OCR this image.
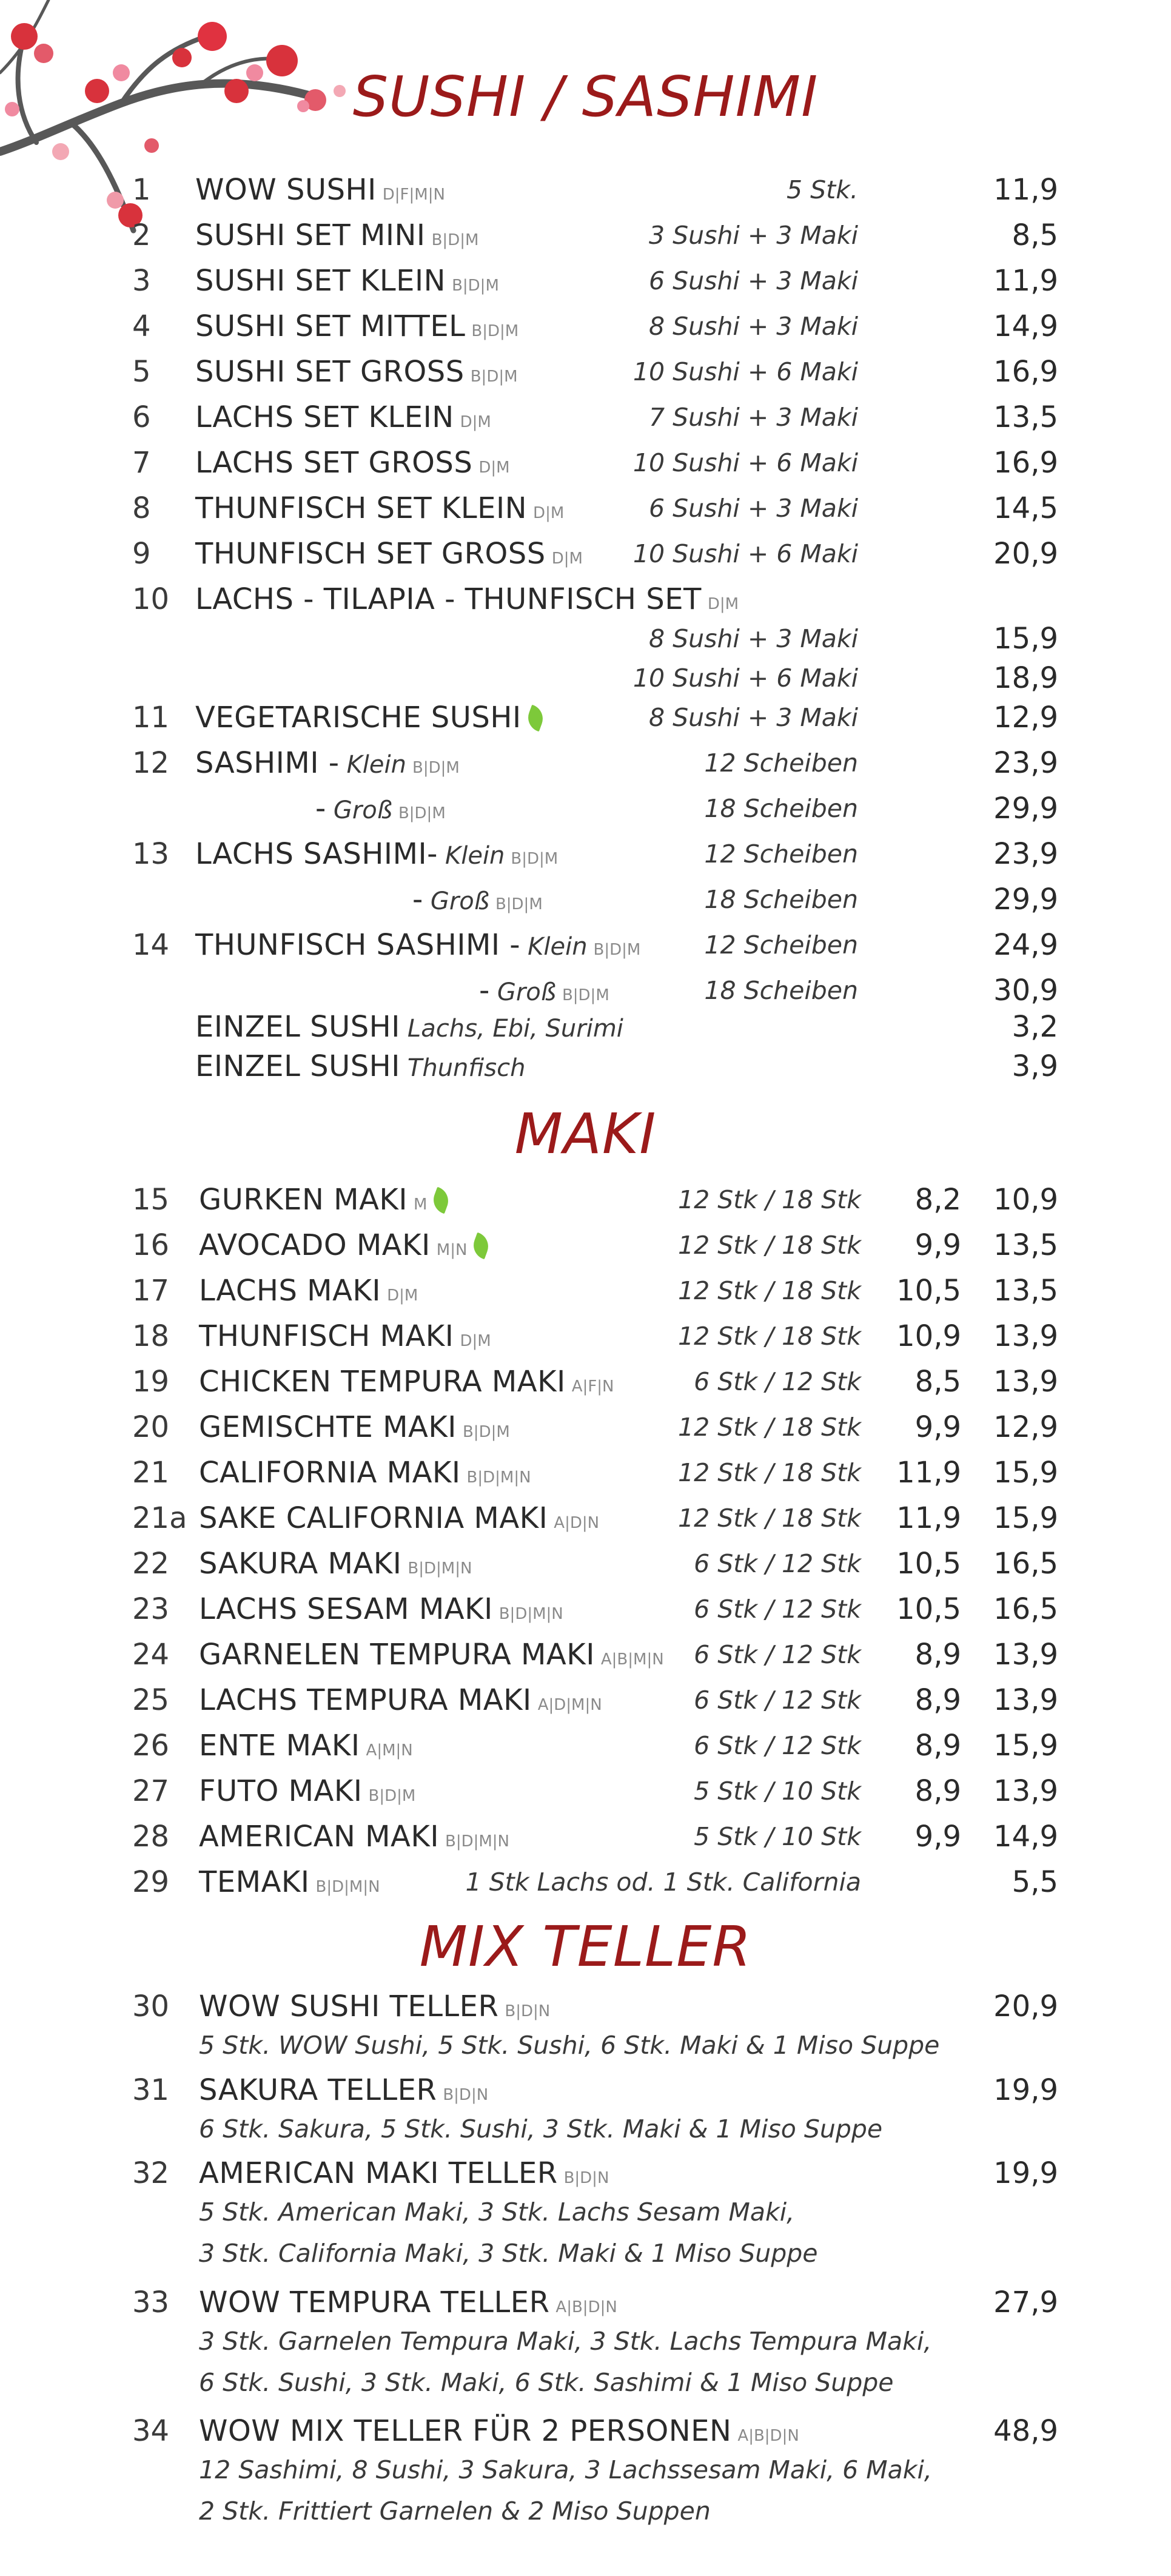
SUSHI / SASHIMI
1 WOW SUSHI D|F|M|N	5 Stk.	11,9
2 SUSHI SET MINI B|D|M	3 Sushi + 3 Maki	8,5
3 SUSHI SET KLEIN B|D|M	6 Sushi + 3 Maki	11,9
4 SUSHI SET MITTEL B|D|M	8 Sushi + 3 Maki	14,9
5 SUSHI SET GROSS B|D|M	10 Sushi + 6 Maki	16,9
6 LACHS SET KLEIN D|M	7 Sushi + 3 Maki	13,5
7 LACHS SET GROSS D|M	10 Sushi + 6 Maki	16,9
8 THUNFISCH SET KLEIN D|M	6 Sushi + 3 Maki	14,5
9 THUNFISCH SET GROSS D|M 10 Sushi + 6 Maki	20,9
10 LACHS - TILAPIA - THUNFISCH SET D|M
8 Sushi + 3 Maki	15,9
10 Sushi + 6 Maki	18,9
11 VEGETARISCHE SUSHI	8 Sushi + 3 Maki	12,9
12 SASHIMI - Klein B|D|M	12 Scheiben	23,9
- Groß B|D|M	18 Scheiben	29,9
13 LACHS SASHIMI- Klein B|D|M	12 Scheiben	23,9
- Groß B|D|M	18 Scheiben	29,9
14 THUNFISCH SASHIMI - Klein B|D|M	12 Scheiben	24,9
- Groß B|D|M	18 Scheiben	30,9
EINZEL SUSHI Lachs, Ebi, Surimi	3,2
EINZEL SUSHI Thunfisch	3,9
MAKI
15 GURKEN MAKI M	12 Stk / 18 Stk 8,2 10,9
16 AVOCADO MAKI M|N	12 Stk / 18 Stk 9,9 13,5
17 LACHS MAKI D|M	12 Stk / 18 Stk 10,5 13,5
18 THUNFISCH MAKI D|M	12 Stk / 18 Stk 10,9 13,9
19 CHICKEN TEMPURA MAKI A|F|N	6 Stk / 12 Stk 8,5 13,9
20 GEMISCHTE MAKI B|D|M	12 Stk / 18 Stk 9,9 12,9
21 CALIFORNIA MAKI B|D|M|N	12 Stk / 18 Stk 11,9 15,9
21a SAKE CALIFORNIA MAKI A|D|N	12 Stk / 18 Stk 11,9 15,9
22 SAKURA MAKI B|D|M|N	6 Stk / 12 Stk 10,5 16,5
23 LACHS SESAM MAKI B|D|M|N	6 Stk / 12 Stk 10,5 16,5
24 GARNELEN TEMPURA MAKI A|B|M|N 6 Stk / 12 Stk 8,9 13,9
25 LACHS TEMPURA MAKI A|D|M|N	6 Stk / 12 Stk 8,9 13,9
26 ENTE MAKI A|M|N	6 Stk / 12 Stk 8,9 15,9
27 FUTO MAKI B|D|M	5 Stk / 10 Stk 8,9 13,9
28 AMERICAN MAKI B|D|M|N	5 Stk / 10 Stk 9,9 14,9
29 TEMAKI B|D|M|N	1 Stk Lachs od. 1 Stk. California	5,5
MIX TELLER
30 WOW SUSHI TELLER B|D|N	20,9
5 Stk. WOW Sushi, 5 Stk. Sushi, 6 Stk. Maki & 1 Miso Suppe
31 SAKURA TELLER B|D|N	19,9
6 Stk. Sakura, 5 Stk. Sushi, 3 Stk. Maki & 1 Miso Suppe
32 AMERICAN MAKI TELLER B|D|N	19,9
5 Stk. American Maki, 3 Stk. Lachs Sesam Maki,
3 Stk. California Maki, 3 Stk. Maki & 1 Miso Suppe
33 WOW TEMPURA TELLER A|B|D|N	27,9
3 Stk. Garnelen Tempura Maki, 3 Stk. Lachs Tempura Maki,
6 Stk. Sushi, 3 Stk. Maki, 6 Stk. Sashimi & 1 Miso Suppe
34 WOW MIX TELLER FÜR 2 PERSONEN A|B|D|N	48,9
12 Sashimi, 8 Sushi, 3 Sakura, 3 Lachssesam Maki, 6 Maki,
2 Stk. Frittiert Garnelen & 2 Miso Suppen
